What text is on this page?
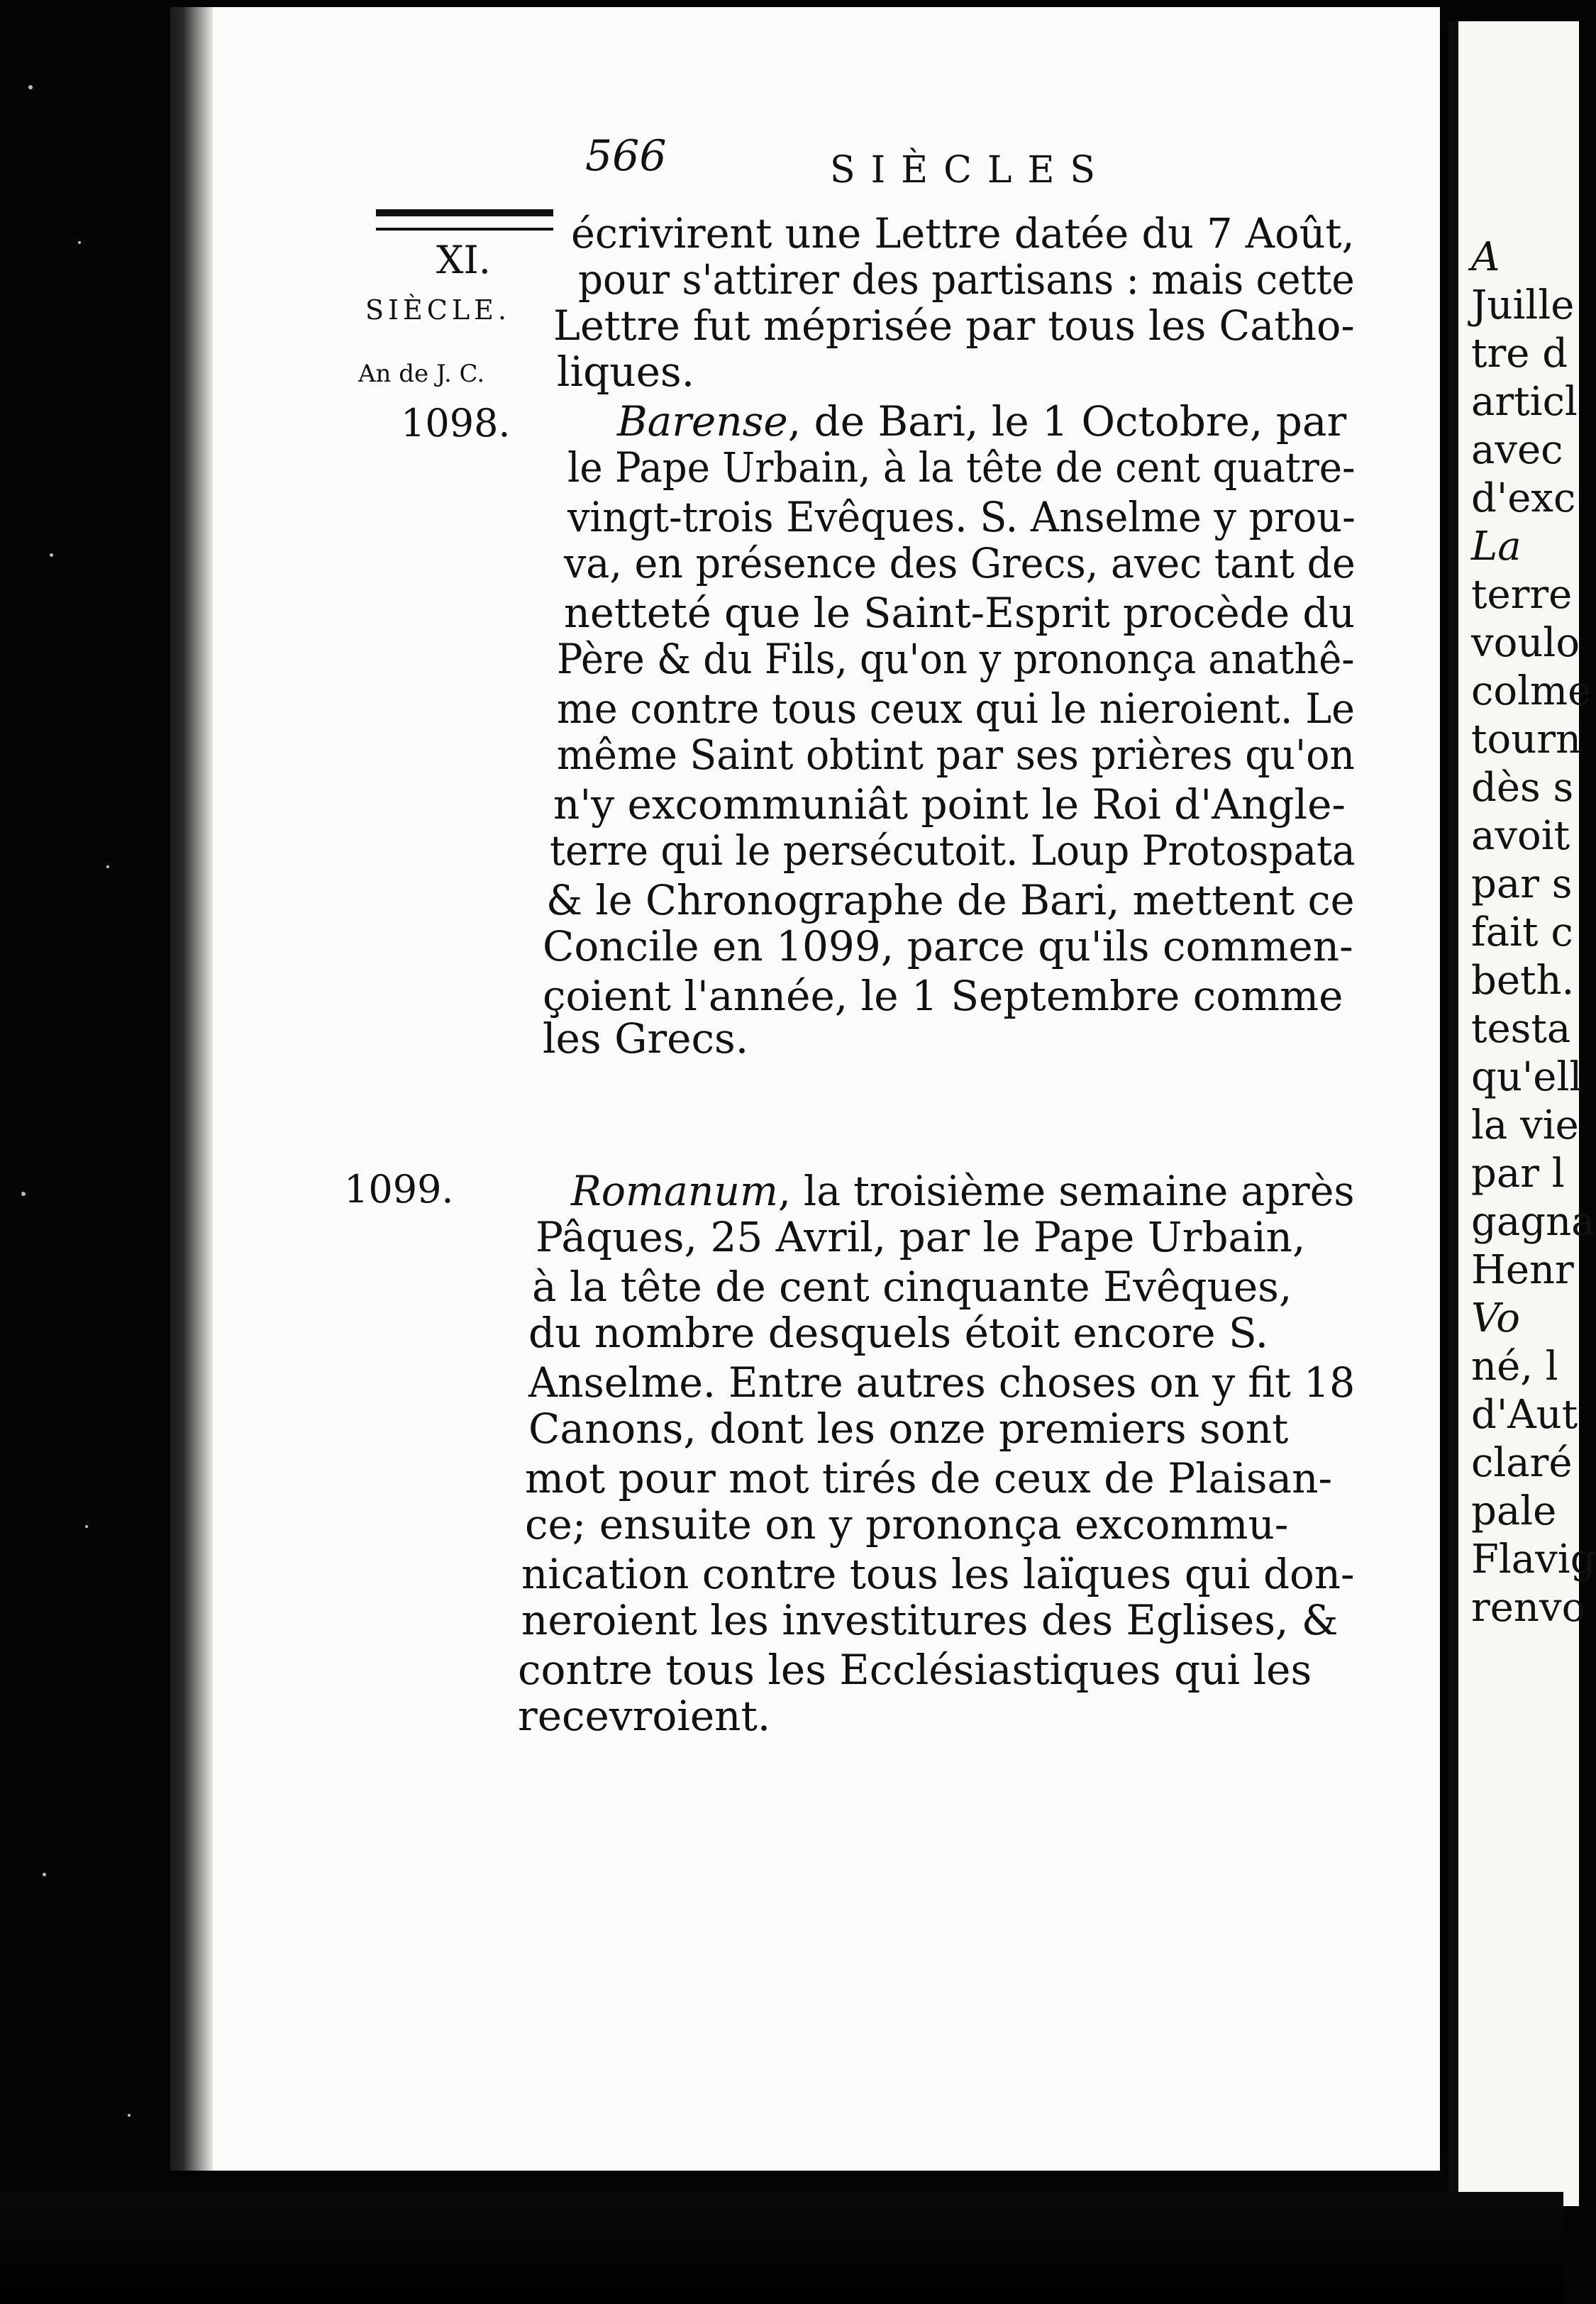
566	SIÈCLES
XI.
SIÈCLE.
An de J. C.
1098.
1099.
écrivirent une Lettre datée du 7 Août,
pour s'attirer des partisans : mais cette
Lettre fut méprisée par tous les Catho-
liques.
Barense, de Bari, le 1 Octobre, par
le Pape Urbain, à la tête de cent quatre-
vingt-trois Evêques. S. Anselme y prou-
va, en présence des Grecs, avec tant de
netteté que le Saint-Esprit procède du
Père & du Fils, qu'on y prononça anathê-
me contre tous ceux qui le nieroient. Le
même Saint obtint par ses prières qu'on
n'y excommuniât point le Roi d'Angle-
terre qui le persécutoit. Loup Protospata
& le Chronographe de Bari, mettent ce
Concile en 1099, parce qu'ils commen-
çoient l'année, le 1 Septembre comme
les Grecs.
Romanum, la troisième semaine après
Pâques, 25 Avril, par le Pape Urbain,
à la tête de cent cinquante Evêques,
du nombre desquels étoit encore S.
Anselme. Entre autres choses on y fit 18
Canons, dont les onze premiers sont
mot pour mot tirés de ceux de Plaisan-
ce; ensuite on y prononça excommu-
nication contre tous les laïques qui don-
neroient les investitures des Eglises, &
contre tous les Ecclésiastiques qui les
recevroient.
A
Juille
tre d
articl
avec
d'exc
La
terre
voulo
colme
tourn
dès s
avoit
par s
fait c
beth.
testa
qu'ell
la vie
par l
gagna
Henr
Vo
né, l
d'Aut
claré
pale
Flavig
renvo
